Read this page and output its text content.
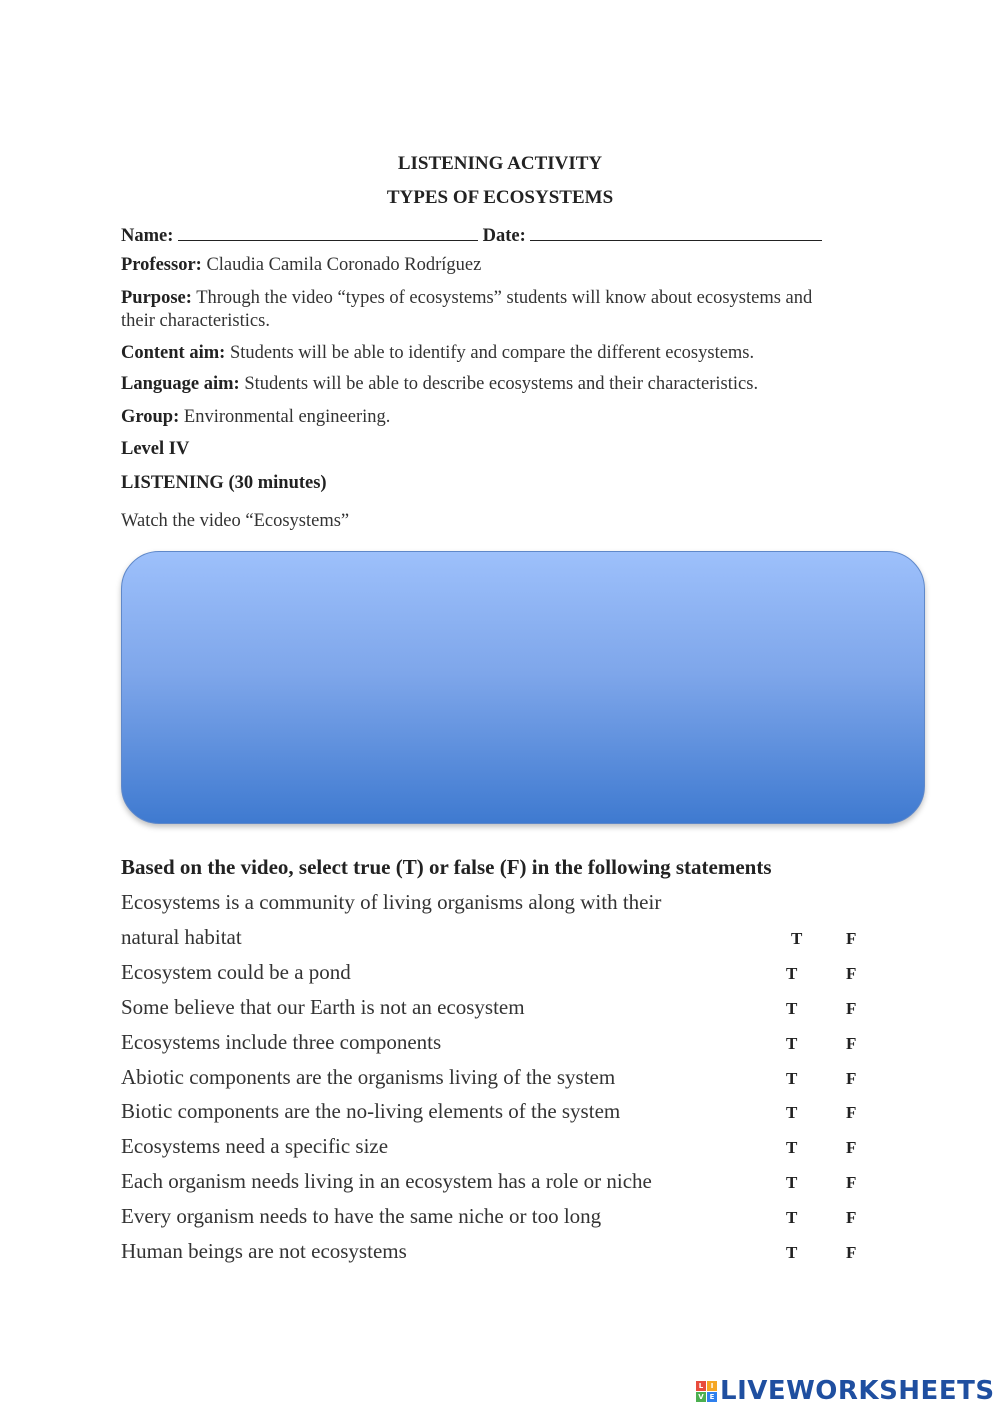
LISTENING ACTIVITY
TYPES OF ECOSYSTEMS
Name:	Date:
Professor: Claudia Camila Coronado Rodríguez
Purpose: Through the video “types of ecosystems” students will know about ecosystems and
their characteristics.
Content aim: Students will be able to identify and compare the different ecosystems.
Language aim: Students will be able to describe ecosystems and their characteristics.
Group: Environmental engineering.
Level IV
LISTENING (30 minutes)
Watch the video “Ecosystems”
Based on the video, select true (T) or false (F) in the following statements
Ecosystems is a community of living organisms along with their
natural habitat	T	F
Ecosystem could be a pond	T	F
Some believe that our Earth is not an ecosystem	T	F
Ecosystems include three components	T	F
Abiotic components are the organisms living of the system	T	F
Biotic components are the no-living elements of the system	T	F
Ecosystems need a specific size	T	F
Each organism needs living in an ecosystem has a role or niche	T	F
Every organism needs to have the same niche or too long	T	F
Human beings are not ecosystems	T	F
L	I
V E LIVEWORKSHEETS
